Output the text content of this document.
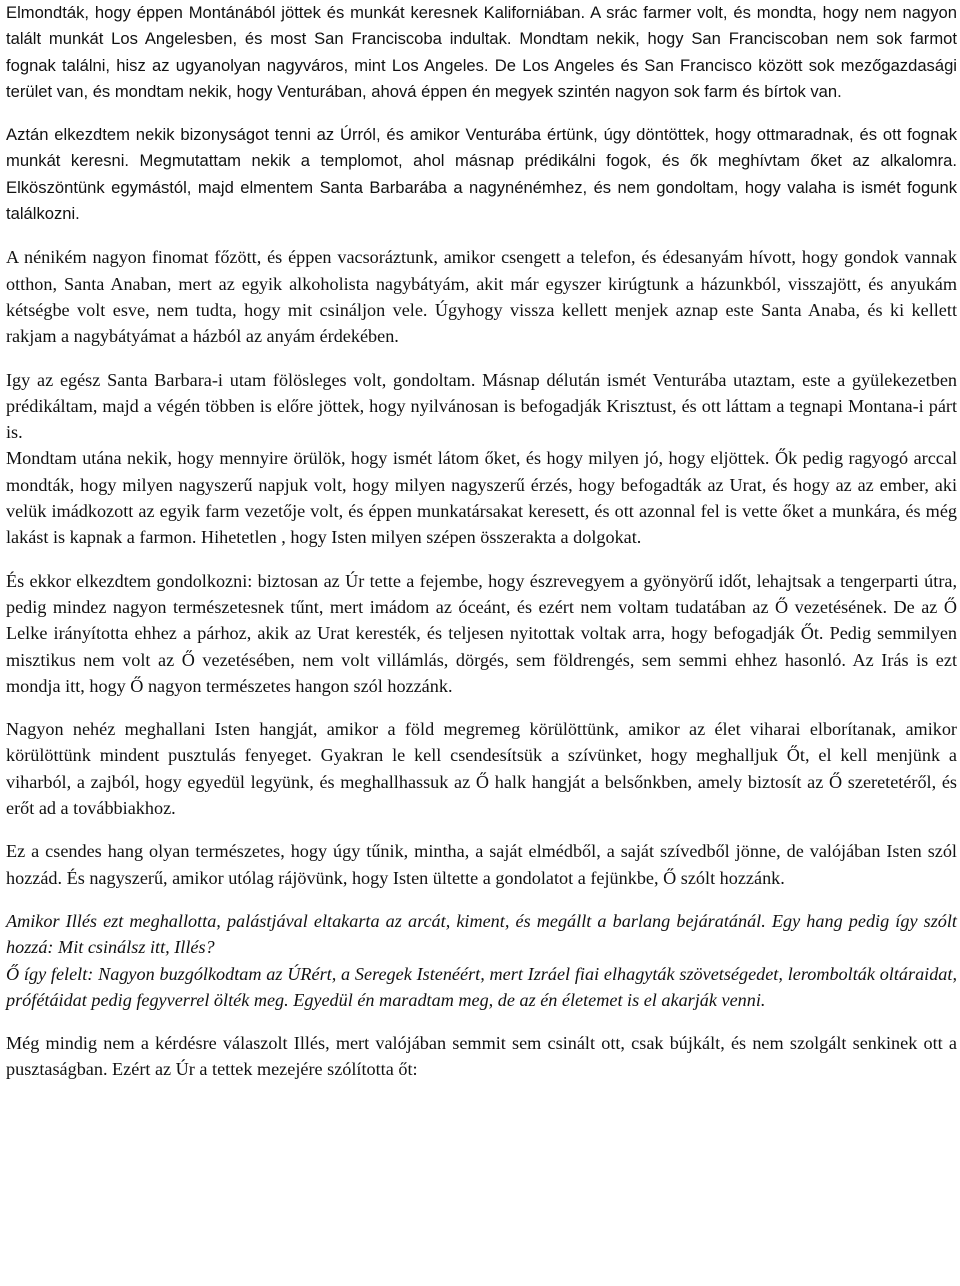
Elmondták, hogy éppen Montánából jöttek és munkát keresnek Kaliforniában. A srác farmer volt, és mondta, hogy nem nagyon talált munkát Los Angelesben, és most San Franciscoba indultak. Mondtam nekik, hogy San Franciscoban nem sok farmot fognak találni, hisz az ugyanolyan nagyváros, mint Los Angeles. De Los Angeles és San Francisco között sok mezőgazdasági terület van, és mondtam nekik, hogy Venturában, ahová éppen én megyek szintén nagyon sok farm és bírtok van.

Aztán elkezdtem nekik bizonyságot tenni az Úrról, és amikor Venturába értünk, úgy döntöttek, hogy ottmaradnak, és ott fognak munkát keresni. Megmutattam nekik a templomot, ahol másnap prédikálni fogok, és ők meghívtam őket az alkalomra. Elköszöntünk egymástól, majd elmentem Santa Barbarába a nagynénémhez, és nem gondoltam, hogy valaha is ismét fogunk találkozni.

A nénikém nagyon finomat főzött, és éppen vacsoráztunk, amikor csengett a telefon, és édesanyám hívott, hogy gondok vannak otthon, Santa Anaban, mert az egyik alkoholista nagybátyám, akit már egyszer kirúgtunk a házunkból, visszajött, és anyukám kétségbe volt esve, nem tudta, hogy mit csináljon vele. Úgyhogy vissza kellett menjek aznap este Santa Anaba, és ki kellett rakjam a nagybátyámat a házból az anyám érdekében.

Igy az egész Santa Barbara-i utam fölösleges volt, gondoltam. Másnap délután ismét Venturába utaztam, este a gyülekezetben prédikáltam, majd a végén többen is előre jöttek, hogy nyilvánosan is befogadják Krisztust, és ott láttam a tegnapi Montana-i párt is.

Mondtam utána nekik, hogy mennyire örülök, hogy ismét látom őket, és hogy milyen jó, hogy eljöttek. Ők pedig ragyogó arccal mondták, hogy milyen nagyszerű napjuk volt, hogy milyen nagyszerű érzés, hogy befogadták az Urat, és hogy az az ember, aki velük imádkozott az egyik farm vezetője volt, és éppen munkatársakat keresett, és ott azonnal fel is vette őket a munkára, és még lakást is kapnak a farmon. Hihetetlen , hogy Isten milyen szépen összerakta a dolgokat.

És ekkor elkezdtem gondolkozni: biztosan az Úr tette a fejembe, hogy észrevegyem a gyönyörű időt, lehajtsak a tengerparti útra, pedig mindez nagyon természetesnek tűnt, mert imádom az óceánt, és ezért nem voltam tudatában az Ő vezetésének. De az Ő Lelke irányította ehhez a párhoz, akik az Urat keresték, és teljesen nyitottak voltak arra, hogy befogadják Őt. Pedig semmilyen misztikus nem volt az Ő vezetésében, nem volt villámlás, dörgés, sem földrengés, sem semmi ehhez hasonló. Az Irás is ezt mondja itt, hogy Ő nagyon természetes hangon szól hozzánk.

Nagyon nehéz meghallani Isten hangját, amikor a föld megremeg körülöttünk, amikor az élet viharai elborítanak, amikor körülöttünk mindent pusztulás fenyeget. Gyakran le kell csendesítsük a szívünket, hogy meghalljuk Őt, el kell menjünk a viharból, a zajból, hogy egyedül legyünk, és meghallhassuk az Ő halk hangját a belsőnkben, amely biztosít az Ő szeretetéről, és erőt ad a továbbiakhoz.

Ez a csendes hang olyan természetes, hogy úgy tűnik, mintha, a saját elmédből, a saját szívedből jönne, de valójában Isten szól hozzád. És nagyszerű, amikor utólag rájövünk, hogy Isten ültette a gondolatot a fejünkbe, Ő szólt hozzánk.

Amikor Illés ezt meghallotta, palástjával eltakarta az arcát, kiment, és megállt a barlang bejáratánál. Egy hang pedig így szólt hozzá: Mit csinálsz itt, Illés?

Ő így felelt: Nagyon buzgólkodtam az ÚRért, a Seregek Istenéért, mert Izráel fiai elhagyták szövetségedet, lerombolták oltáraidat, prófétáidat pedig fegyverrel ölték meg. Egyedül én maradtam meg, de az én életemet is el akarják venni.

Még mindig nem a kérdésre válaszolt Illés, mert valójában semmit sem csinált ott, csak bújkált, és nem szolgált senkinek ott a pusztaságban. Ezért az Úr a tettek mezejére szólította őt:
